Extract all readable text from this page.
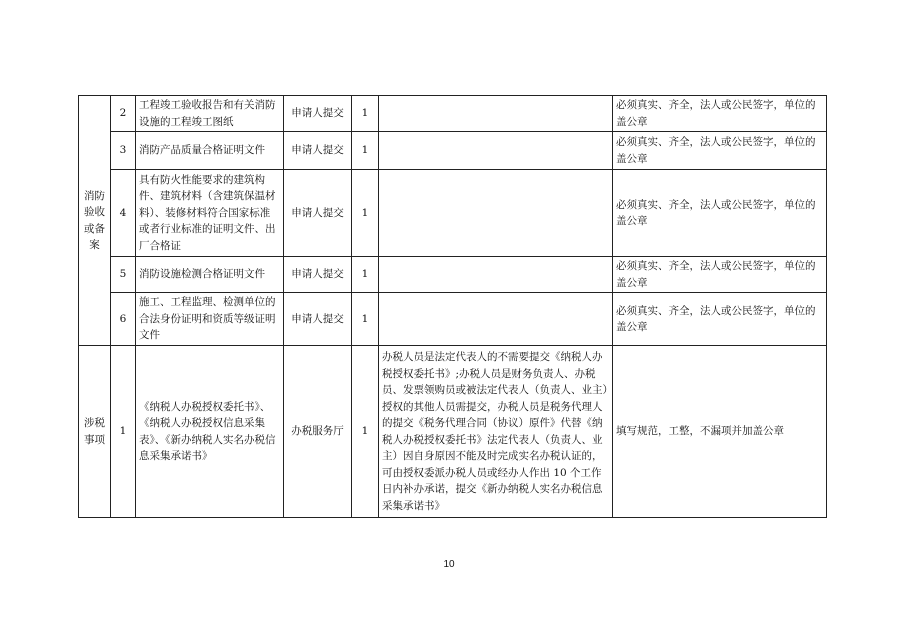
消防验收或备案	2	工程竣工验收报告和有关消防设施的工程竣工图纸	申请人提交	1		必须真实、齐全，法人或公民签字，单位的盖公章
	3	消防产品质量合格证明文件	申请人提交	1		必须真实、齐全，法人或公民签字，单位的盖公章
	4	具有防火性能要求的建筑构件、建筑材料（含建筑保温材料）、装修材料符合国家标准或者行业标准的证明文件、出厂合格证	申请人提交	1		必须真实、齐全，法人或公民签字，单位的盖公章
	5	消防设施检测合格证明文件	申请人提交	1		必须真实、齐全，法人或公民签字，单位的盖公章
	6	施工、工程监理、检测单位的合法身份证明和资质等级证明文件	申请人提交	1		必须真实、齐全，法人或公民签字，单位的盖公章
涉税事项	1	《纳税人办税授权委托书》、《纳税人办税授权信息采集表》、《新办纳税人实名办税信息采集承诺书》	办税服务厅	1	办税人员是法定代表人的不需要提交《纳税人办税授权委托书》;办税人员是财务负责人、办税员、发票领购员或被法定代表人（负责人、业主）授权的其他人员需提交，办税人员是税务代理人的提交《税务代理合同（协议）原件》代替《纳税人办税授权委托书》法定代表人（负责人、业主）因自身原因不能及时完成实名办税认证的，可由授权委派办税人员或经办人作出 10 个工作日内补办承诺，提交《新办纳税人实名办税信息采集承诺书》	填写规范，工整，不漏项并加盖公章
10
